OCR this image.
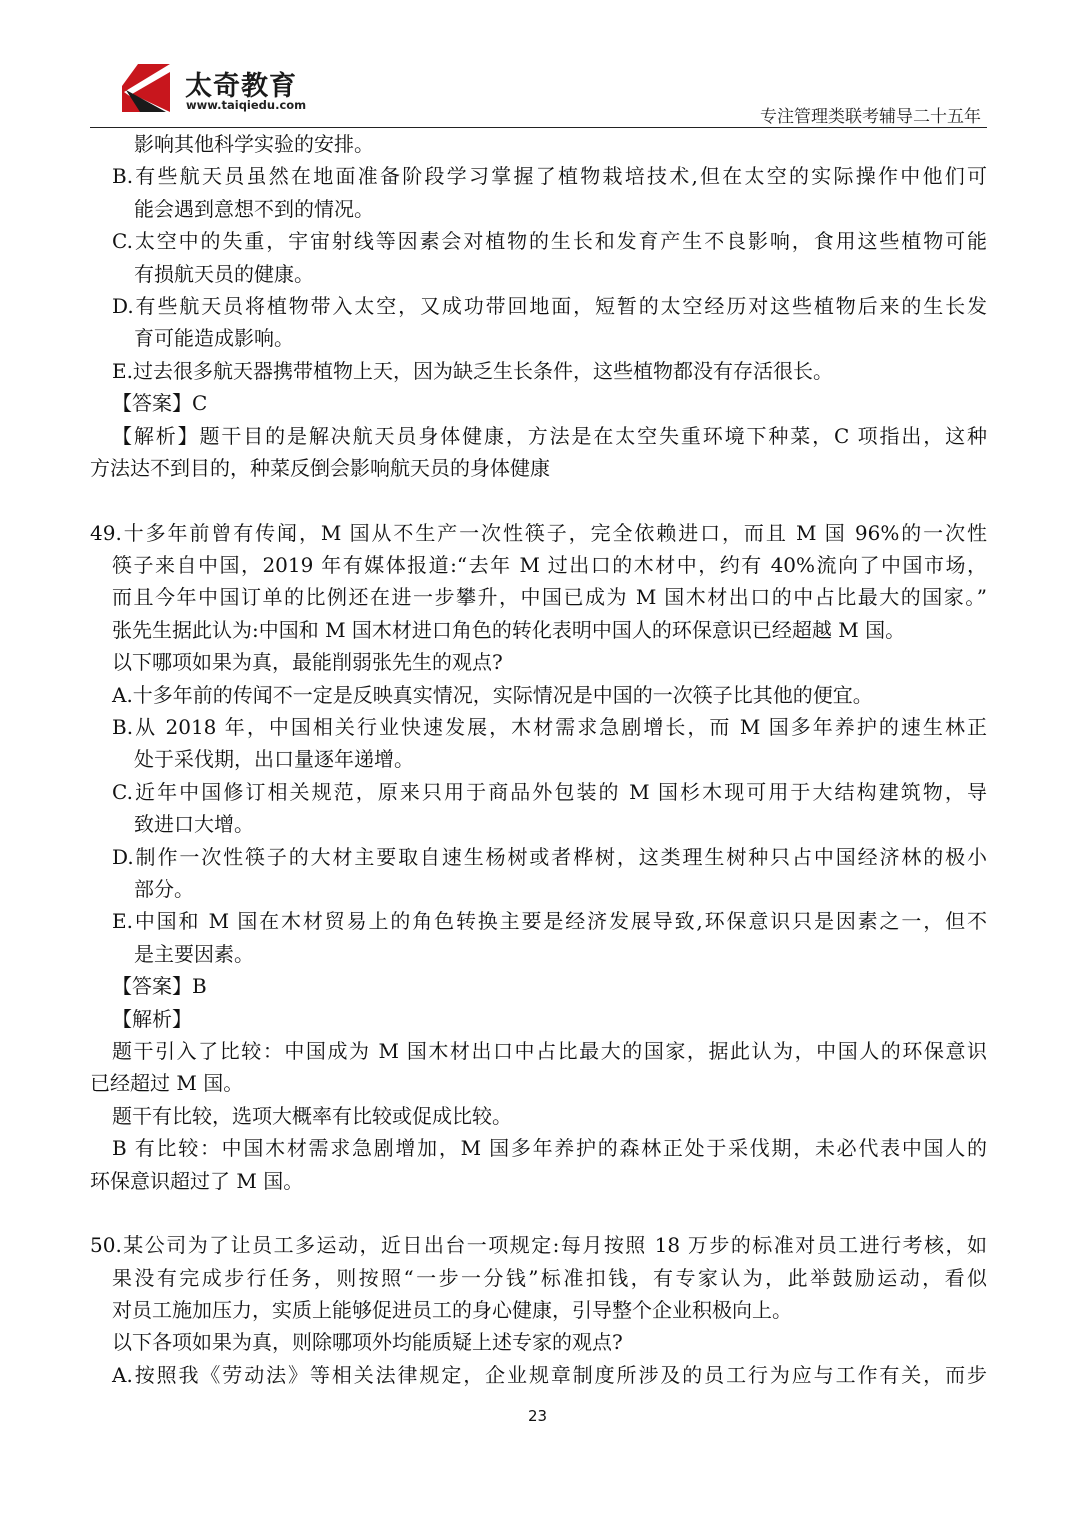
太奇教育
www.taiqiedu.com
专注管理类联考辅导二十五年
影响其他科学实验的安排。
B.有些航天员虽然在地面准备阶段学习掌握了植物栽培技术,但在太空的实际操作中他们可
能会遇到意想不到的情况。
C.太空中的失重，宇宙射线等因素会对植物的生长和发育产生不良影响，食用这些植物可能
有损航天员的健康。
D.有些航天员将植物带入太空，又成功带回地面，短暂的太空经历对这些植物后来的生长发
育可能造成影响。
E.过去很多航天器携带植物上天，因为缺乏生长条件，这些植物都没有存活很长。
【答案】C
【解析】题干目的是解决航天员身体健康，方法是在太空失重环境下种菜，C 项指出，这种
方法达不到目的，种菜反倒会影响航天员的身体健康
49.十多年前曾有传闻，M 国从不生产一次性筷子，完全依赖进口，而且 M 国 96%的一次性
筷子来自中国，2019 年有媒体报道:“去年 M 过出口的木材中，约有 40%流向了中国市场，
而且今年中国订单的比例还在进一步攀升，中国已成为 M 国木材出口的中占比最大的国家。”
张先生据此认为:中国和 M 国木材进口角色的转化表明中国人的环保意识已经超越 M 国。
以下哪项如果为真，最能削弱张先生的观点?
A.十多年前的传闻不一定是反映真实情况，实际情况是中国的一次筷子比其他的便宜。
B.从 2018 年，中国相关行业快速发展，木材需求急剧增长，而 M 国多年养护的速生林正
处于采伐期，出口量逐年递增。
C.近年中国修订相关规范，原来只用于商品外包装的 M 国杉木现可用于大结构建筑物，导
致进口大增。
D.制作一次性筷子的大材主要取自速生杨树或者桦树，这类理生树种只占中国经济林的极小
部分。
E.中国和 M 国在木材贸易上的角色转换主要是经济发展导致,环保意识只是因素之一，但不
是主要因素。
【答案】B
【解析】
题干引入了比较：中国成为 M 国木材出口中占比最大的国家，据此认为，中国人的环保意识
已经超过 M 国。
题干有比较，选项大概率有比较或促成比较。
B 有比较：中国木材需求急剧增加，M 国多年养护的森林正处于采伐期，未必代表中国人的
环保意识超过了 M 国。
50.某公司为了让员工多运动，近日出台一项规定:每月按照 18 万步的标准对员工进行考核，如
果没有完成步行任务，则按照“一步一分钱”标准扣钱，有专家认为，此举鼓励运动，看似
对员工施加压力，实质上能够促进员工的身心健康，引导整个企业积极向上。
以下各项如果为真，则除哪项外均能质疑上述专家的观点?
A.按照我《劳动法》等相关法律规定，企业规章制度所涉及的员工行为应与工作有关，而步
23
